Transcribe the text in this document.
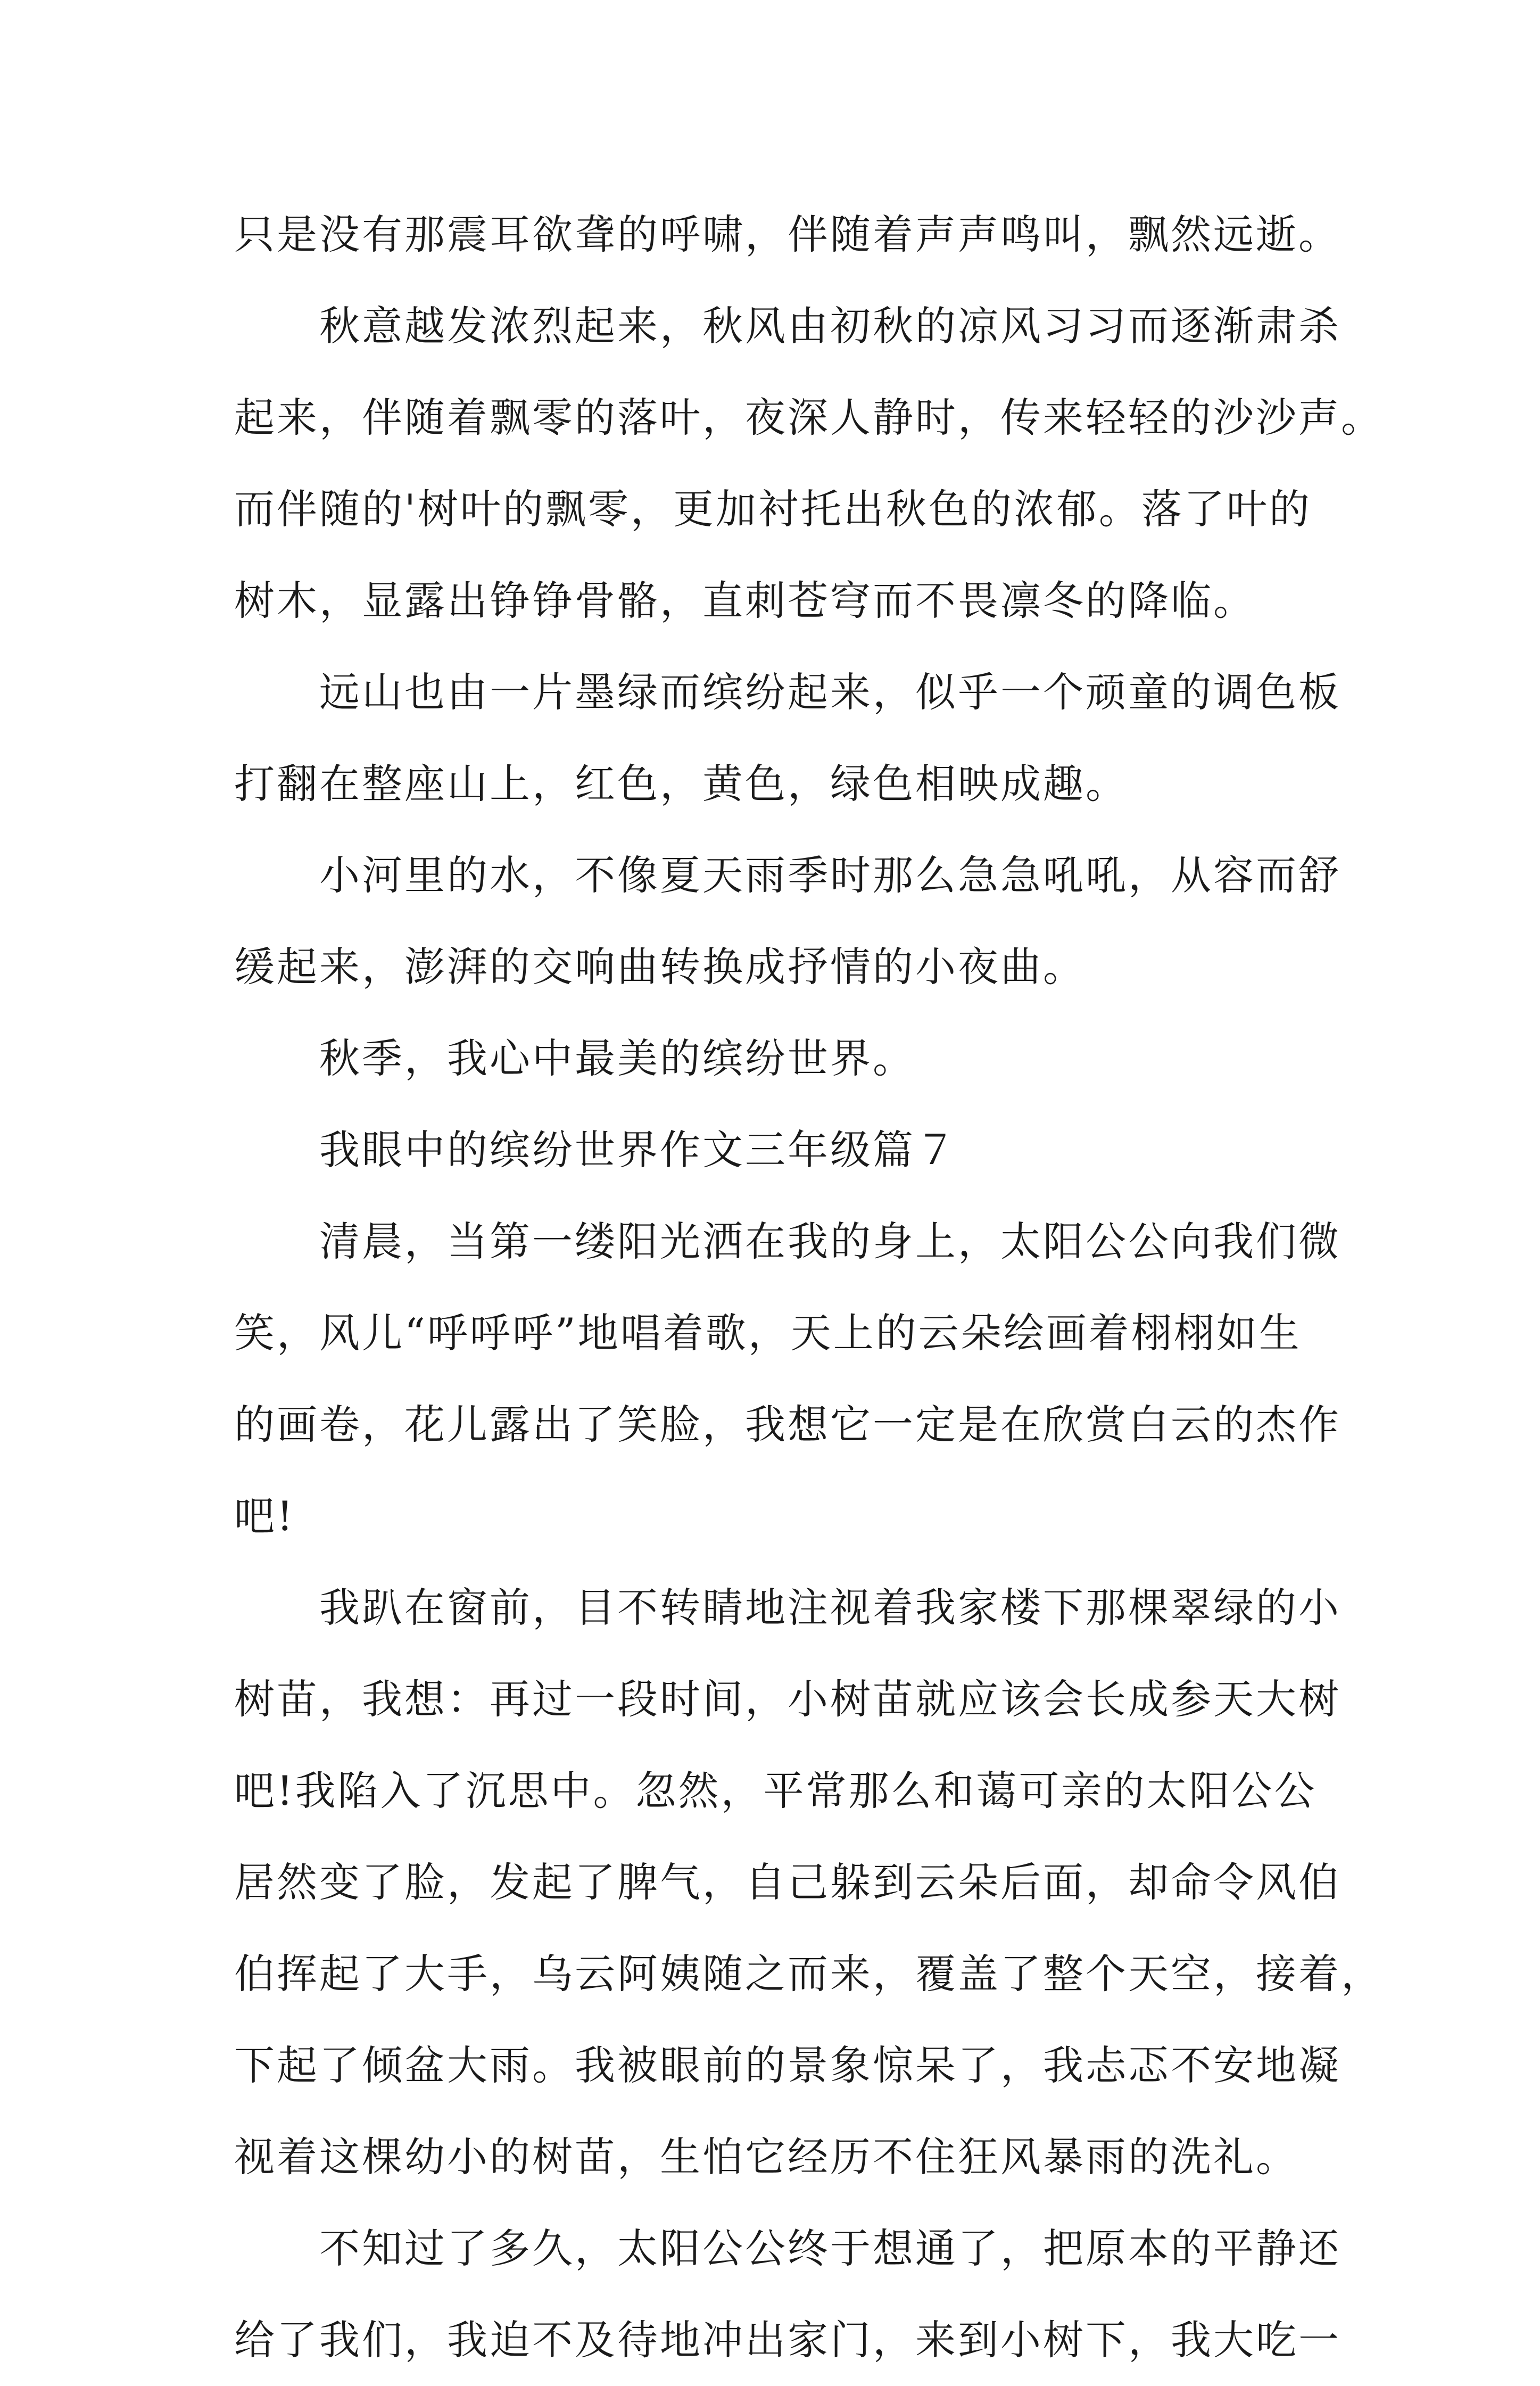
只是没有那震耳欲聋的呼啸，伴随着声声鸣叫，飘然远逝。
秋意越发浓烈起来，秋风由初秋的凉风习习而逐渐肃杀
起来，伴随着飘零的落叶，夜深人静时，传来轻轻的沙沙声。
而伴随的'树叶的飘零，更加衬托出秋色的浓郁。落了叶的
树木，显露出铮铮骨骼，直刺苍穹而不畏凛冬的降临。
远山也由一片墨绿而缤纷起来，似乎一个顽童的调色板
打翻在整座山上，红色，黄色，绿色相映成趣。
小河里的水，不像夏天雨季时那么急急吼吼，从容而舒
缓起来，澎湃的交响曲转换成抒情的小夜曲。
秋季，我心中最美的缤纷世界。
我眼中的缤纷世界作文三年级篇７
清晨，当第一缕阳光洒在我的身上，太阳公公向我们微
笑，风儿“呼呼呼”地唱着歌，天上的云朵绘画着栩栩如生
的画卷，花儿露出了笑脸，我想它一定是在欣赏白云的杰作
吧!
我趴在窗前，目不转睛地注视着我家楼下那棵翠绿的小
树苗，我想：再过一段时间，小树苗就应该会长成参天大树
吧!我陷入了沉思中。忽然，平常那么和蔼可亲的太阳公公
居然变了脸，发起了脾气，自己躲到云朵后面，却命令风伯
伯挥起了大手，乌云阿姨随之而来，覆盖了整个天空，接着，
下起了倾盆大雨。我被眼前的景象惊呆了，我忐忑不安地凝
视着这棵幼小的树苗，生怕它经历不住狂风暴雨的洗礼。
不知过了多久，太阳公公终于想通了，把原本的平静还
给了我们，我迫不及待地冲出家门，来到小树下，我大吃一
